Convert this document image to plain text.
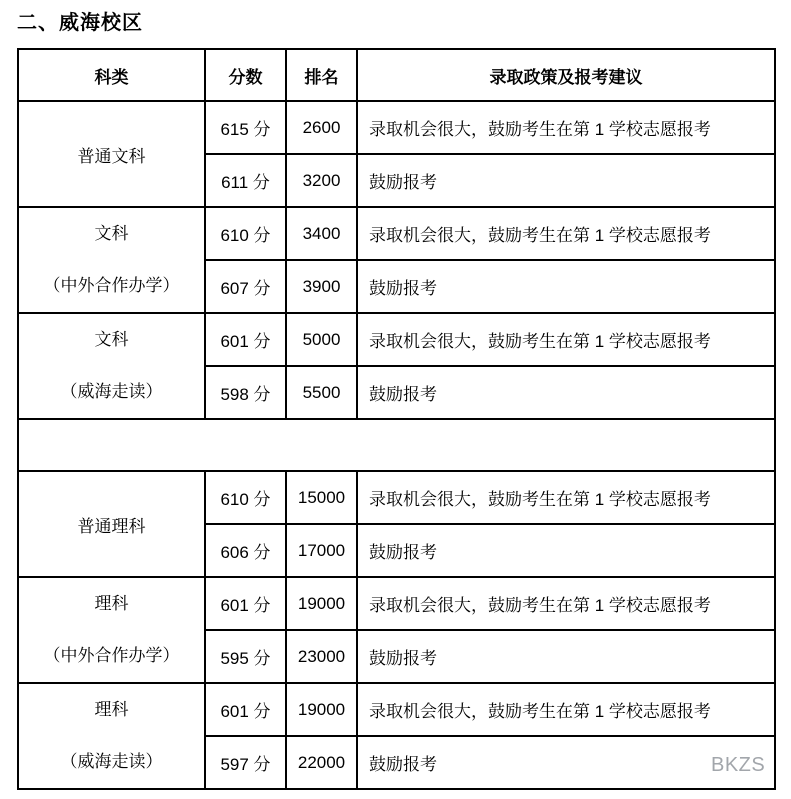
二、威海校区
科类	分数	排名	录取政策及报考建议
普通文科	615 分	2600	录取机会很大，鼓励考生在第 1 学校志愿报考
	611 分	3200	鼓励报考

文科
（中外合作办学）	610 分	3400	录取机会很大，鼓励考生在第 1 学校志愿报考
	607 分	3900	鼓励报考

文科
（威海走读）	601 分	5000	录取机会很大，鼓励考生在第 1 学校志愿报考
	598 分	5500	鼓励报考

普通理科	610 分	15000	录取机会很大，鼓励考生在第 1 学校志愿报考
	606 分	17000	鼓励报考

理科
（中外合作办学）	601 分	19000	录取机会很大，鼓励考生在第 1 学校志愿报考
	595 分	23000	鼓励报考

理科
（威海走读）	601 分	19000	录取机会很大，鼓励考生在第 1 学校志愿报考
	597 分	22000	鼓励报考	BKZS
